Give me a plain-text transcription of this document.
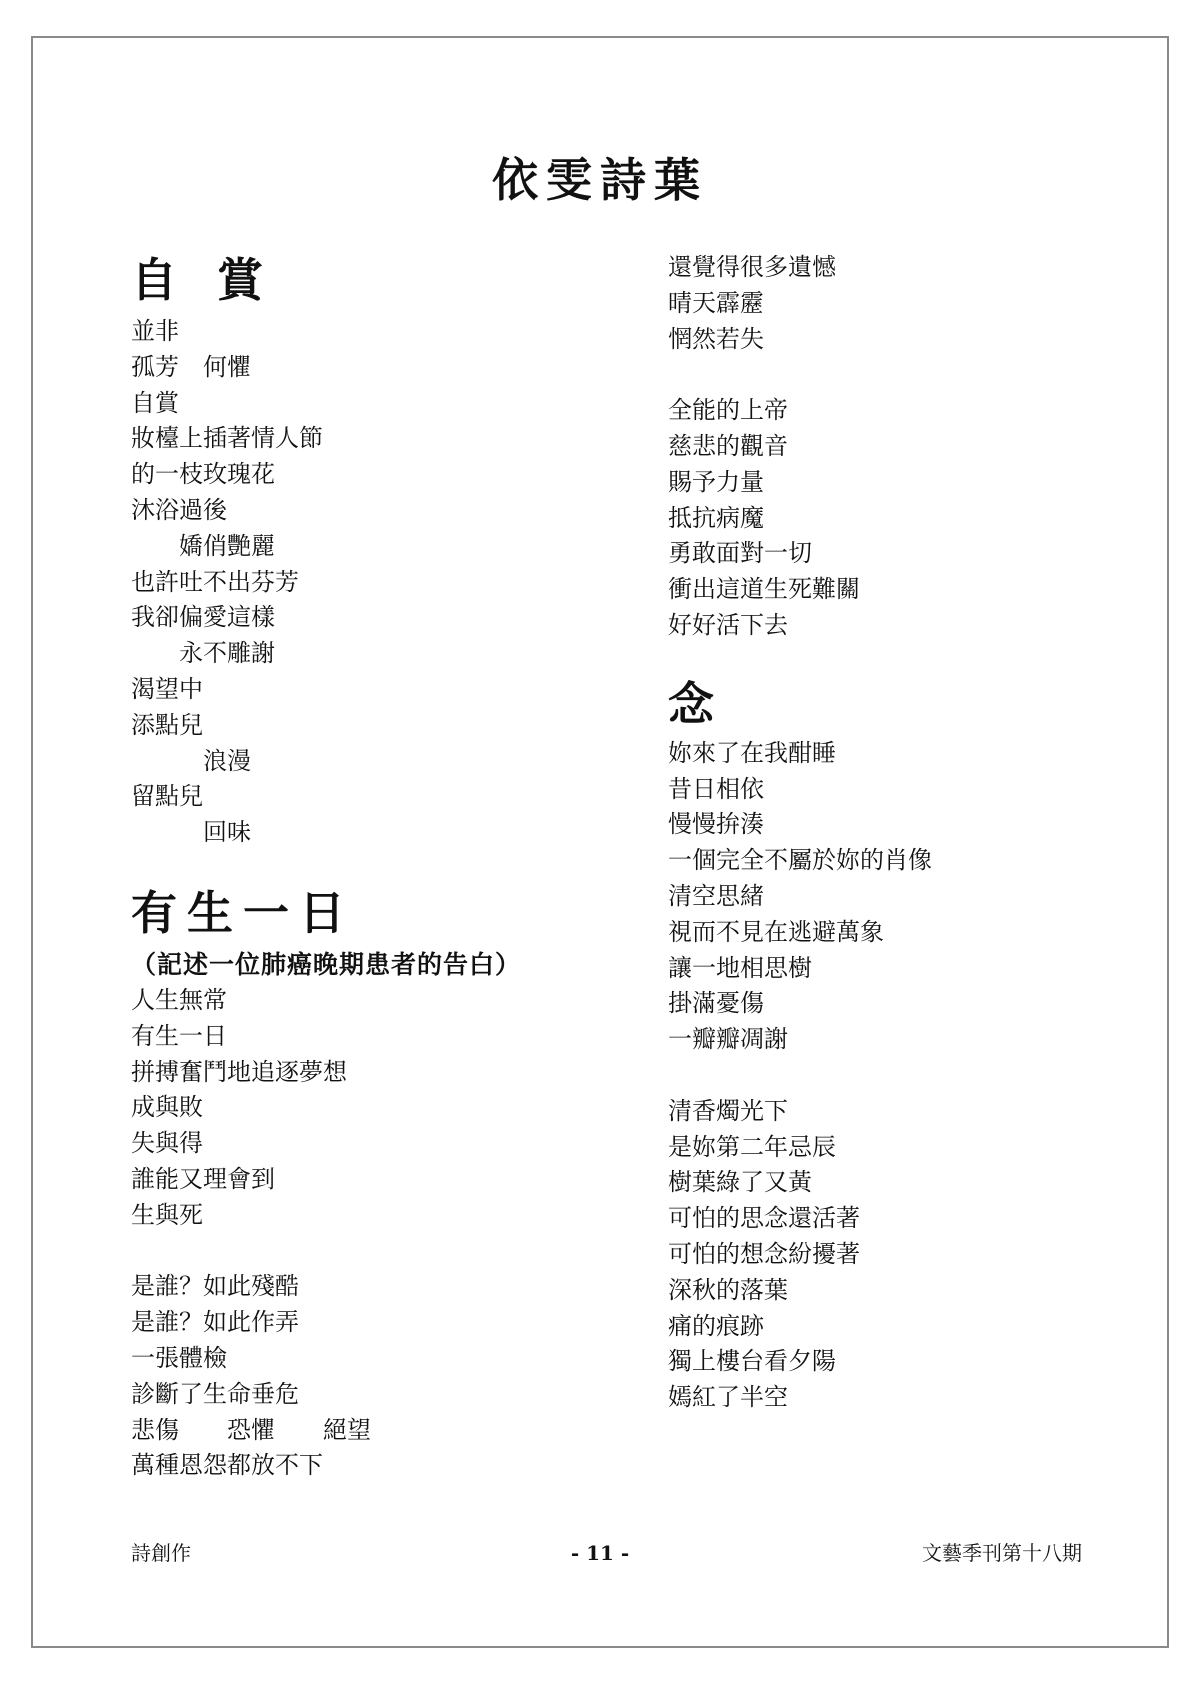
依雯詩葉
自賞
並非
孤芳　何懼
自賞
妝檯上插著情人節
的一枝玫瑰花
沐浴過後
　　嬌俏艷麗
也許吐不出芬芳
我卻偏愛這樣
　　永不雕謝
渴望中
添點兒
　　　浪漫
留點兒
　　　回味
有生一日
（記述一位肺癌晚期患者的告白）
人生無常
有生一日
拼搏奮鬥地追逐夢想
成與敗
失與得
誰能又理會到
生與死
是誰？如此殘酷
是誰？如此作弄
一張體檢
診斷了生命垂危
悲傷　　恐懼　　絕望
萬種恩怨都放不下
還覺得很多遺憾
晴天霹靂
惘然若失
全能的上帝
慈悲的觀音
賜予力量
抵抗病魔
勇敢面對一切
衝出這道生死難關
好好活下去
念
妳來了在我酣睡
昔日相依
慢慢拚湊
一個完全不屬於妳的肖像
清空思緒
視而不見在逃避萬象
讓一地相思樹
掛滿憂傷
一瓣瓣凋謝
清香燭光下
是妳第二年忌辰
樹葉綠了又黃
可怕的思念還活著
可怕的想念紛擾著
深秋的落葉
痛的痕跡
獨上樓台看夕陽
嫣紅了半空
詩創作	- 11 -	文藝季刊第十八期
